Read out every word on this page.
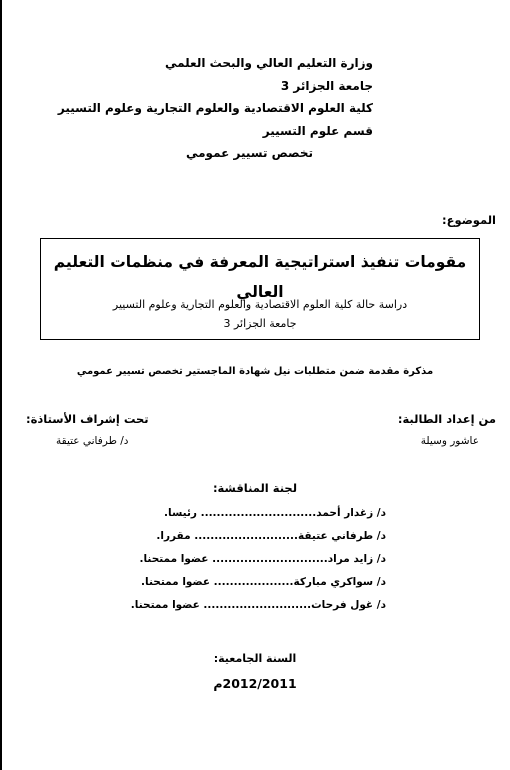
وزارة التعليم العالي والبحث العلمي
جامعة الجزائر 3
كلية العلوم الاقتصادية والعلوم التجارية وعلوم التسيير
قسم علوم التسيير
تخصص تسيير عمومي
الموضوع:
مقومات تنفيذ استراتيجية المعرفة في منظمات التعليم العالي
دراسة حالة كلية العلوم الاقتصادية والعلوم التجارية وعلوم التسيير
جامعة الجزائر 3
مذكرة مقدمة ضمن متطلبات نيل شهادة الماجستير تخصص تسيير عمومي
من إعداد الطالبة:
عاشور وسيلة
تحت إشراف الأستاذة:
د/ طرفاني عتيقة
لجنة المناقشة:
د/ زغدار أحمد............................. رئيسا.
د/ طرفاني عتيقة.......................... مقررا.
د/ زايد مراد............................. عضوا ممتحنا.
د/ سواكري مباركة.................... عضوا ممتحنا.
د/ غول فرحات........................... عضوا ممتحنا.
السنة الجامعية:
2012/2011م
